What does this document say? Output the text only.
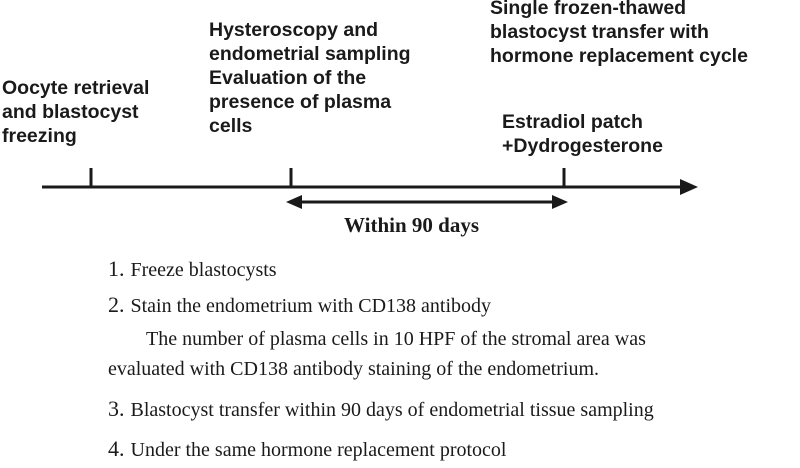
Oocyte retrieval
and blastocyst
freezing
Hysteroscopy and
endometrial sampling
Evaluation of the
presence of plasma
cells
Single frozen-thawed
blastocyst transfer with
hormone replacement cycle
Estradiol patch
+Dydrogesterone
Within 90 days
1. Freeze blastocysts
2. Stain the endometrium with CD138 antibody
The number of plasma cells in 10 HPF of the stromal area was
evaluated with CD138 antibody staining of the endometrium.
3. Blastocyst transfer within 90 days of endometrial tissue sampling
4. Under the same hormone replacement protocol
